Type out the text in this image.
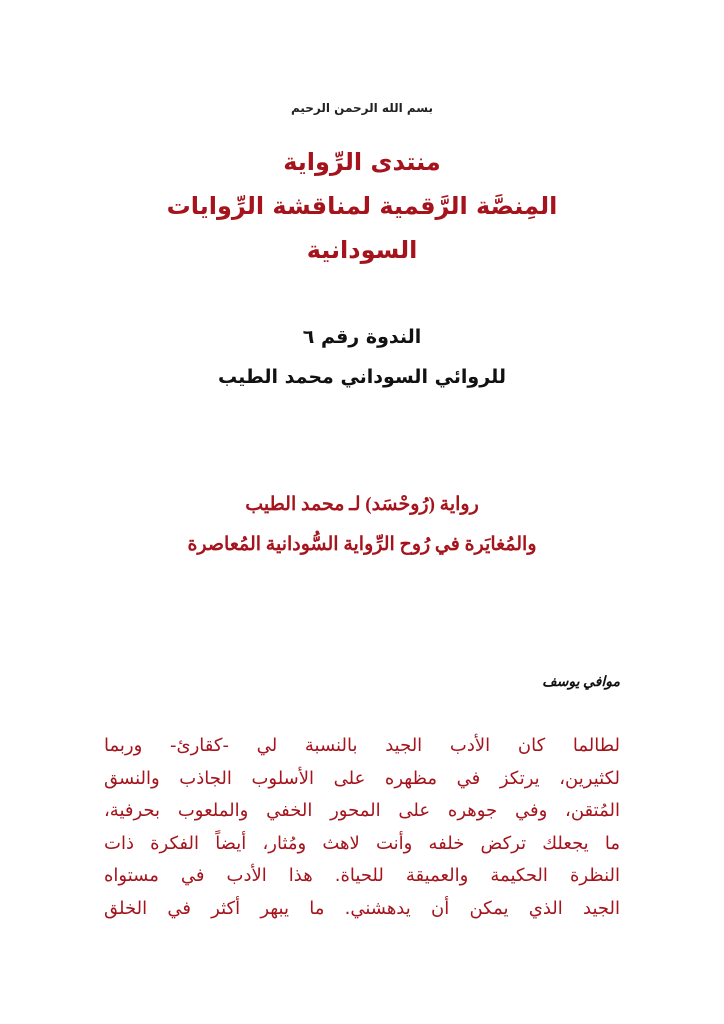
بسم الله الرحمن الرحيم
منتدى الرِّواية
المِنصَّة الرَّقمية لمناقشة الرِّوايات
السودانية
الندوة رقم ٦
للروائي السوداني محمد الطيب
رواية (رُوحْسَد) لـ محمد الطيب
والمُغايَرة في رُوح الرِّواية السُّودانية المُعاصرة
موافي يوسف
لطالما كان الأدب الجيد بالنسبة لي -كقارئ- وربما
لكثيرين، يرتكز في مظهره على الأسلوب الجاذب والنسق
المُتقن، وفي جوهره على المحور الخفي والملعوب بحرفية،
ما يجعلك تركض خلفه وأنت لاهث ومُثار، أيضاً الفكرة ذات
النظرة الحكيمة والعميقة للحياة. هذا الأدب في مستواه
الجيد الذي يمكن أن يدهشني. ما يبهر أكثر في الخلق
